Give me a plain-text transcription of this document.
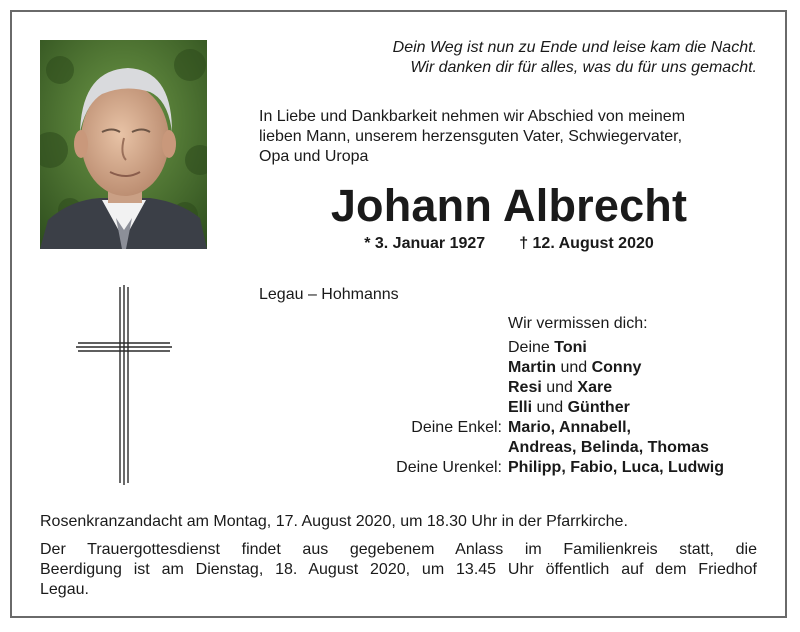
Dein Weg ist nun zu Ende und leise kam die Nacht.
Wir danken dir für alles, was du für uns gemacht.
In Liebe und Dankbarkeit nehmen wir Abschied von meinem
lieben Mann, unserem herzensguten Vater, Schwiegervater,
Opa und Uropa
Johann Albrecht
* 3. Januar 1927 † 12. August 2020
Legau – Hohmanns
Wir vermissen dich:
Deine Toni
Martin und Conny
Resi und Xare
Elli und Günther
Deine Enkel: Mario, Annabell,
Andreas, Belinda, Thomas
Deine Urenkel: Philipp, Fabio, Luca, Ludwig
Rosenkranzandacht am Montag, 17. August 2020, um 18.30 Uhr in der Pfarrkirche.
Der Trauergottesdienst findet aus gegebenem Anlass im Familienkreis statt, die
Beerdigung ist am Dienstag, 18. August 2020, um 13.45 Uhr öffentlich auf dem Friedhof
Legau.
